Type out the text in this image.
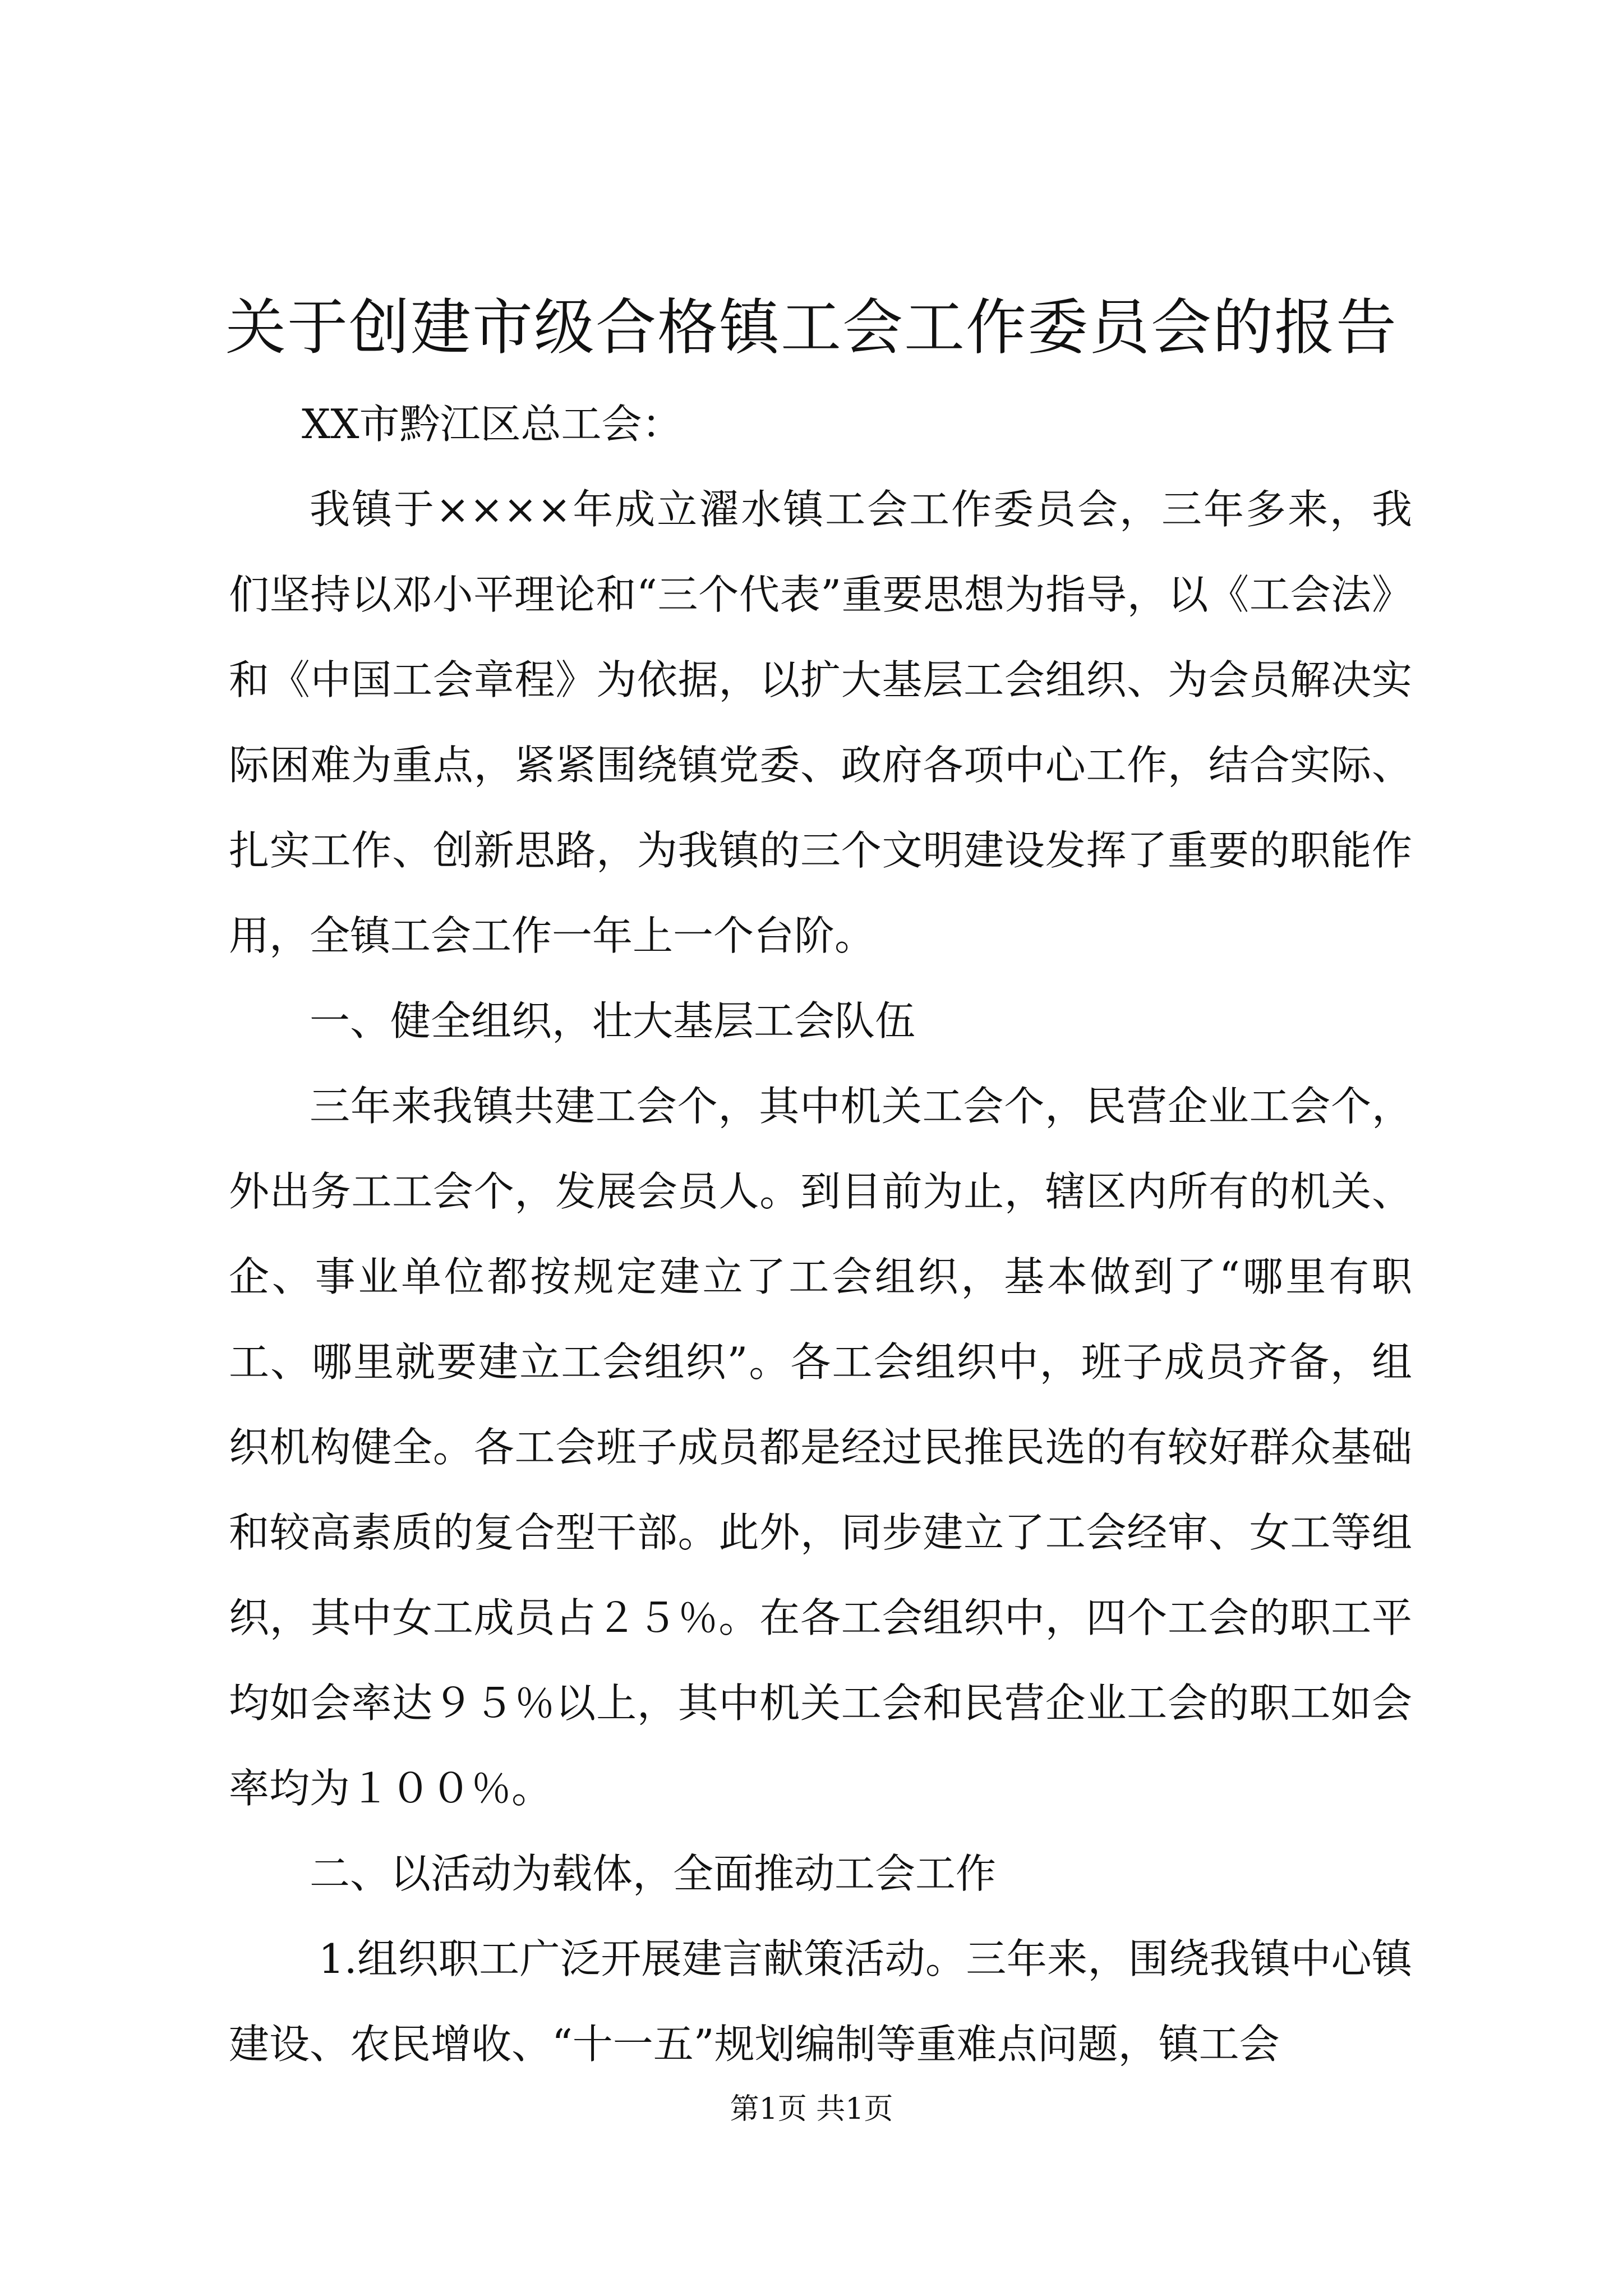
关于创建市级合格镇工会工作委员会的报告

XX市黔江区总工会：

我镇于××××年成立濯水镇工会工作委员会，三年多来，我们坚持以邓小平理论和“三个代表”重要思想为指导，以《工会法》和《中国工会章程》为依据，以扩大基层工会组织、为会员解决实际困难为重点，紧紧围绕镇党委、政府各项中心工作，结合实际、扎实工作、创新思路，为我镇的三个文明建设发挥了重要的职能作用，全镇工会工作一年上一个台阶。

一、健全组织，壮大基层工会队伍

三年来我镇共建工会个，其中机关工会个，民营企业工会个，外出务工工会个，发展会员人。到目前为止，辖区内所有的机关、企、事业单位都按规定建立了工会组织，基本做到了“哪里有职工、哪里就要建立工会组织”。各工会组织中，班子成员齐备，组织机构健全。各工会班子成员都是经过民推民选的有较好群众基础和较高素质的复合型干部。此外，同步建立了工会经审、女工等组织，其中女工成员占２５％。在各工会组织中，四个工会的职工平均如会率达９５％以上，其中机关工会和民营企业工会的职工如会率均为１００％。

二、以活动为载体，全面推动工会工作

1.组织职工广泛开展建言献策活动。三年来，围绕我镇中心镇建设、农民增收、“十一五”规划编制等重难点问题，镇工会

第1页 共1页
